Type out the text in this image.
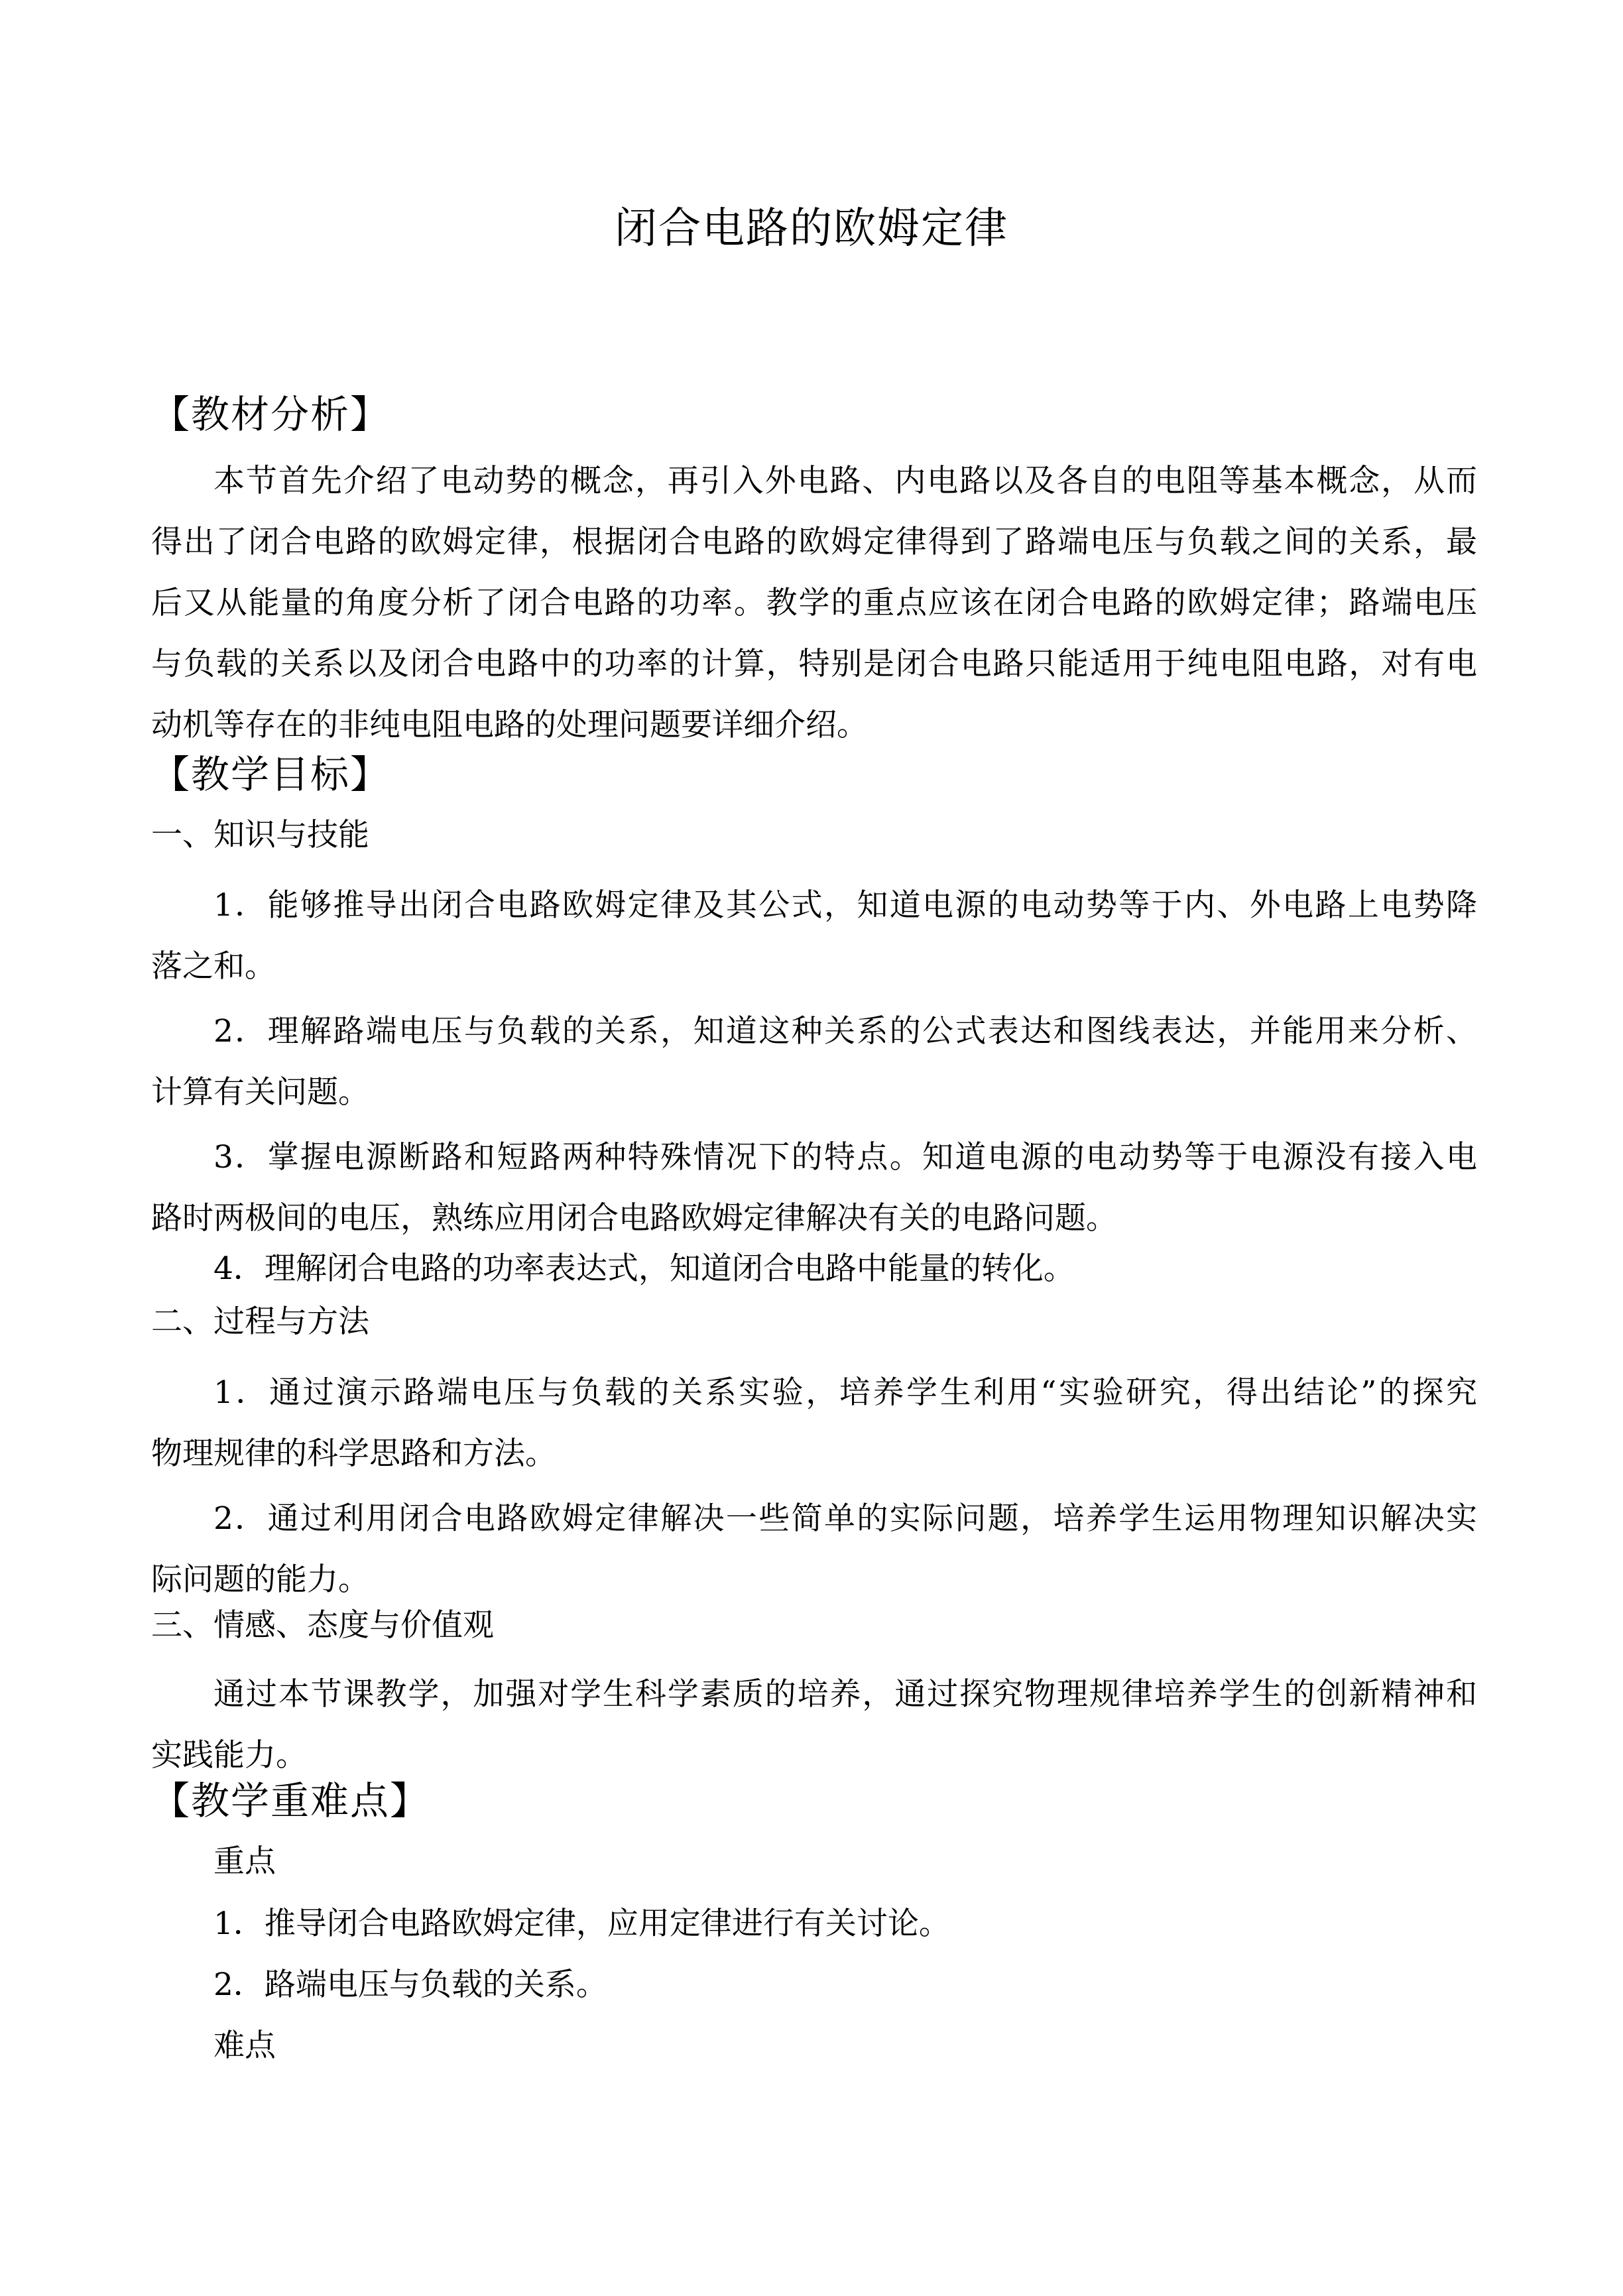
闭合电路的欧姆定律
【教材分析】
本节首先介绍了电动势的概念，再引入外电路、内电路以及各自的电阻等基本概念，从而
得出了闭合电路的欧姆定律，根据闭合电路的欧姆定律得到了路端电压与负载之间的关系，最
后又从能量的角度分析了闭合电路的功率。教学的重点应该在闭合电路的欧姆定律；路端电压
与负载的关系以及闭合电路中的功率的计算，特别是闭合电路只能适用于纯电阻电路，对有电
动机等存在的非纯电阻电路的处理问题要详细介绍。
【教学目标】
一、知识与技能
1．能够推导出闭合电路欧姆定律及其公式，知道电源的电动势等于内、外电路上电势降
落之和。
2．理解路端电压与负载的关系，知道这种关系的公式表达和图线表达，并能用来分析、
计算有关问题。
3．掌握电源断路和短路两种特殊情况下的特点。知道电源的电动势等于电源没有接入电
路时两极间的电压，熟练应用闭合电路欧姆定律解决有关的电路问题。
4．理解闭合电路的功率表达式，知道闭合电路中能量的转化。
二、过程与方法
1．通过演示路端电压与负载的关系实验，培养学生利用“实验研究，得出结论”的探究
物理规律的科学思路和方法。
2．通过利用闭合电路欧姆定律解决一些简单的实际问题，培养学生运用物理知识解决实
际问题的能力。
三、情感、态度与价值观
通过本节课教学，加强对学生科学素质的培养，通过探究物理规律培养学生的创新精神和
实践能力。
【教学重难点】
重点
1．推导闭合电路欧姆定律，应用定律进行有关讨论。
2．路端电压与负载的关系。
难点
